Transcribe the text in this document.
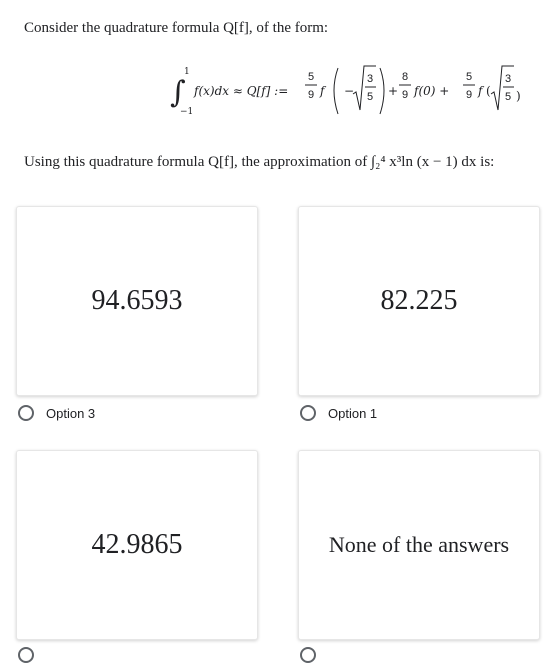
Consider the quadrature formula Q[f], of the form:
∫
1
−1
f(x)dx ≈ Q[f] :=
5
9 f −
3
5 +
8
9 f(0) +
5
9 f (
3
5 )
Using this quadrature formula Q[f], the approximation of ∫₂⁴ x³ln (x − 1) dx is:
94.6593	82.225
Option 3	Option 1
42.9865	None of the answers
